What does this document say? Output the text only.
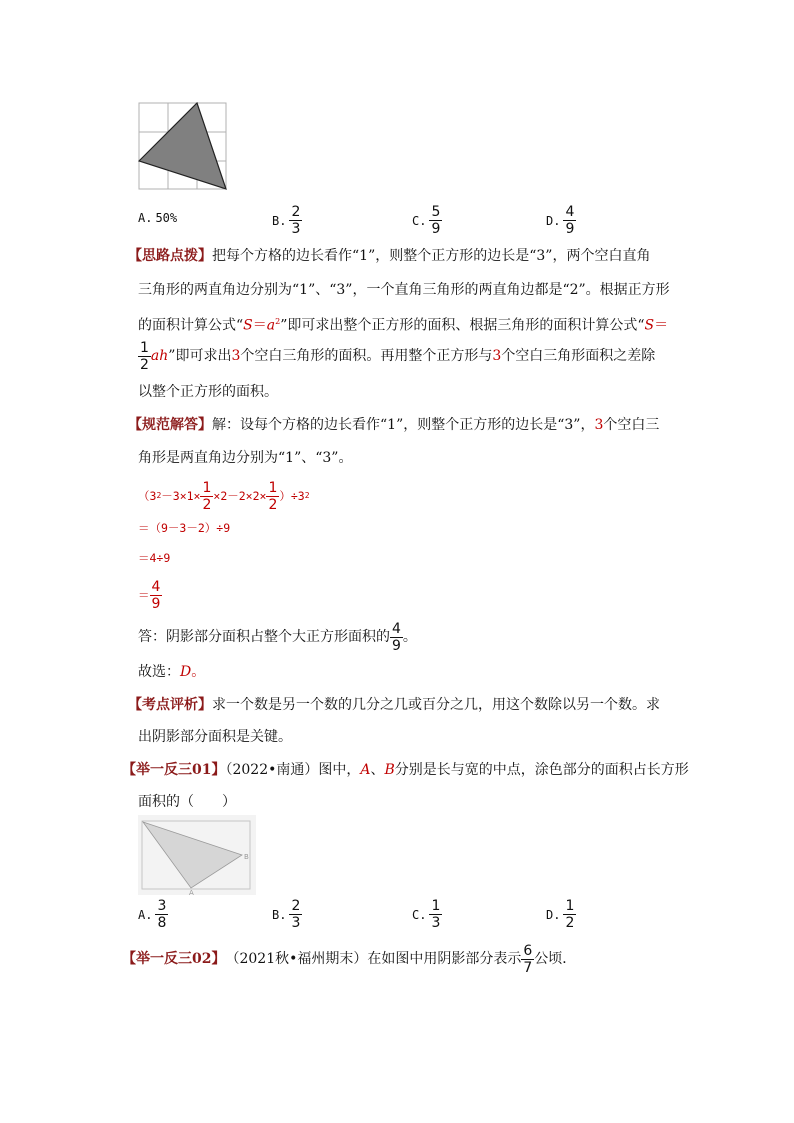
A. 50%	B. $\frac{2}{3}$	C. $\frac{5}{9}$	D. $\frac{4}{9}$
【思路点拨】把每个方格的边长看作“1”，则整个正方形的边长是“3”，两个空白直角
三角形的两直角边分别为“1”、“3”，一个直角三角形的两直角边都是“2”。根据正方形
的面积计算公式“$S=a^2$”即可求出整个正方形的面积、根据三角形的面积计算公式“S＝
$\frac{1}{2}$ ah ”即可求出 3 个空白三角形的面积。再用整个正方形与 3 个空白三角形面积之差除
以整个正方形的面积。
【规范解答】解：设每个方格的边长看作“1”，则整个正方形的边长是“3”，3个空白三
角形是两直角边分别为“1”、“3”。
（3 $2 -3\times 1\times \frac{1}{2} \times 2-2\times 2\times \frac{1}{2} )\div 3$ 2
＝（9－3－2）÷9
＝4÷9
＝ $\frac{4}{9}$
答：阴影部分面积占整个大正方形面积的 $\frac{4}{9}$ 。
故选：D。
【考点评析】求一个数是另一个数的几分之几或百分之几，用这个数除以另一个数。求
出阴影部分面积是关键。
【举一反三01】（2022•南通）图中，A、B分别是长与宽的中点，涂色部分的面积占长方形
面积的（　　）
B
A
A. $\frac{3}{8}$	B. $\frac{2}{3}$	C. $\frac{1}{3}$	D. $\frac{1}{2}$
【举一反三02】 （2021秋•福州期末）在如图中用阴影部分表示 $\frac{6}{7}$ 公顷．
